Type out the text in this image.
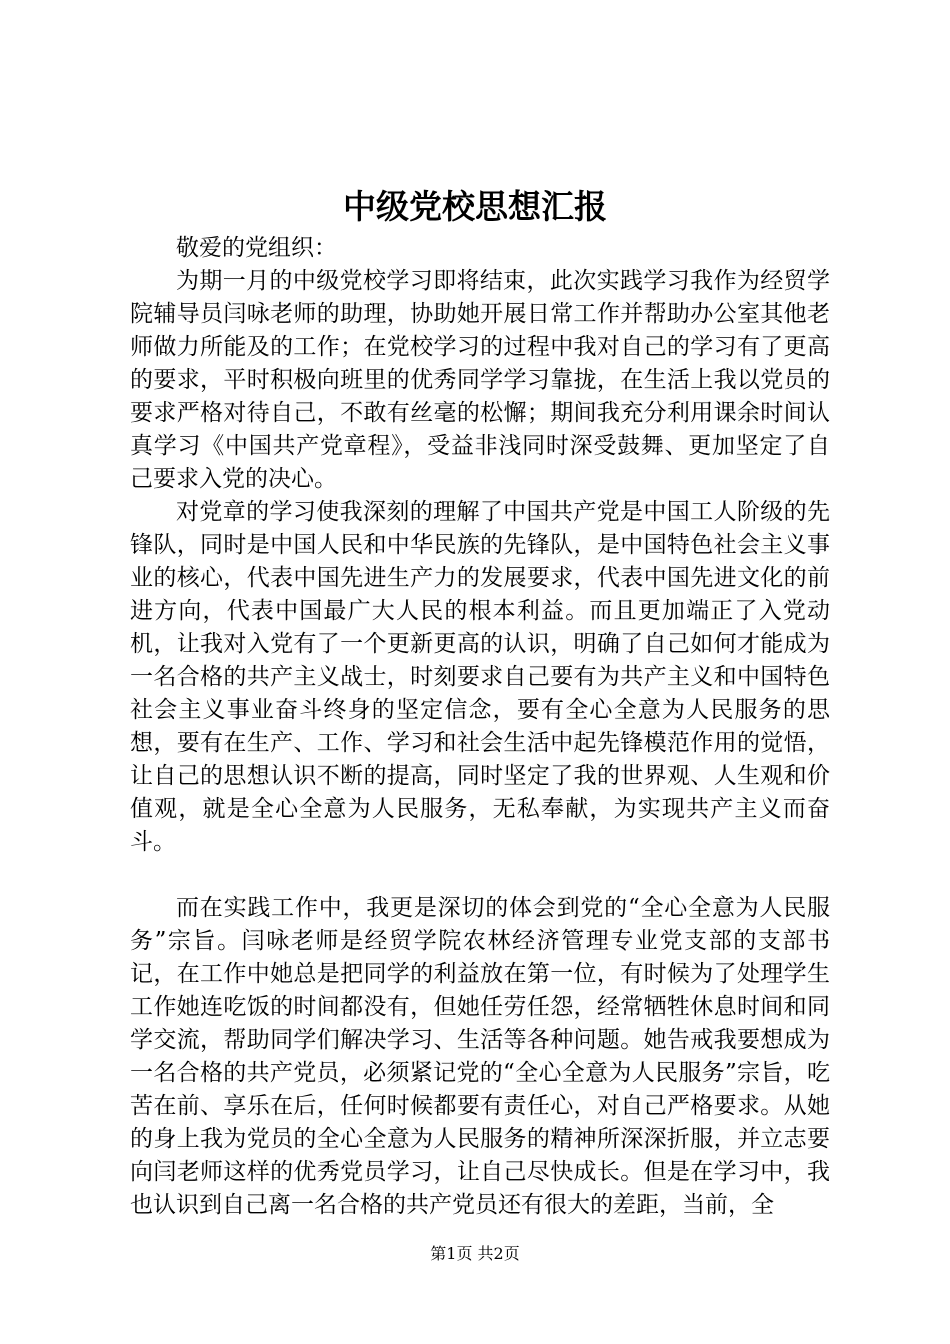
中级党校思想汇报

敬爱的党组织：

为期一月的中级党校学习即将结束，此次实践学习我作为经贸学院辅导员闫咏老师的助理，协助她开展日常工作并帮助办公室其他老师做力所能及的工作；在党校学习的过程中我对自己的学习有了更高的要求，平时积极向班里的优秀同学学习靠拢，在生活上我以党员的要求严格对待自己，不敢有丝毫的松懈；期间我充分利用课余时间认真学习《中国共产党章程》，受益非浅同时深受鼓舞、更加坚定了自己要求入党的决心。

对党章的学习使我深刻的理解了中国共产党是中国工人阶级的先锋队，同时是中国人民和中华民族的先锋队，是中国特色社会主义事业的核心，代表中国先进生产力的发展要求，代表中国先进文化的前进方向，代表中国最广大人民的根本利益。而且更加端正了入党动机，让我对入党有了一个更新更高的认识，明确了自己如何才能成为一名合格的共产主义战士，时刻要求自己要有为共产主义和中国特色社会主义事业奋斗终身的坚定信念，要有全心全意为人民服务的思想，要有在生产、工作、学习和社会生活中起先锋模范作用的觉悟，让自己的思想认识不断的提高，同时坚定了我的世界观、人生观和价值观，就是全心全意为人民服务，无私奉献，为实现共产主义而奋斗。

而在实践工作中，我更是深切的体会到党的“全心全意为人民服务”宗旨。闫咏老师是经贸学院农林经济管理专业党支部的支部书记，在工作中她总是把同学的利益放在第一位，有时候为了处理学生工作她连吃饭的时间都没有，但她任劳任怨，经常牺牲休息时间和同学交流，帮助同学们解决学习、生活等各种问题。她告戒我要想成为一名合格的共产党员，必须紧记党的“全心全意为人民服务”宗旨，吃苦在前、享乐在后，任何时候都要有责任心，对自己严格要求。从她的身上我为党员的全心全意为人民服务的精神所深深折服，并立志要向闫老师这样的优秀党员学习，让自己尽快成长。但是在学习中，我也认识到自己离一名合格的共产党员还有很大的差距，当前，全

第1页 共2页
